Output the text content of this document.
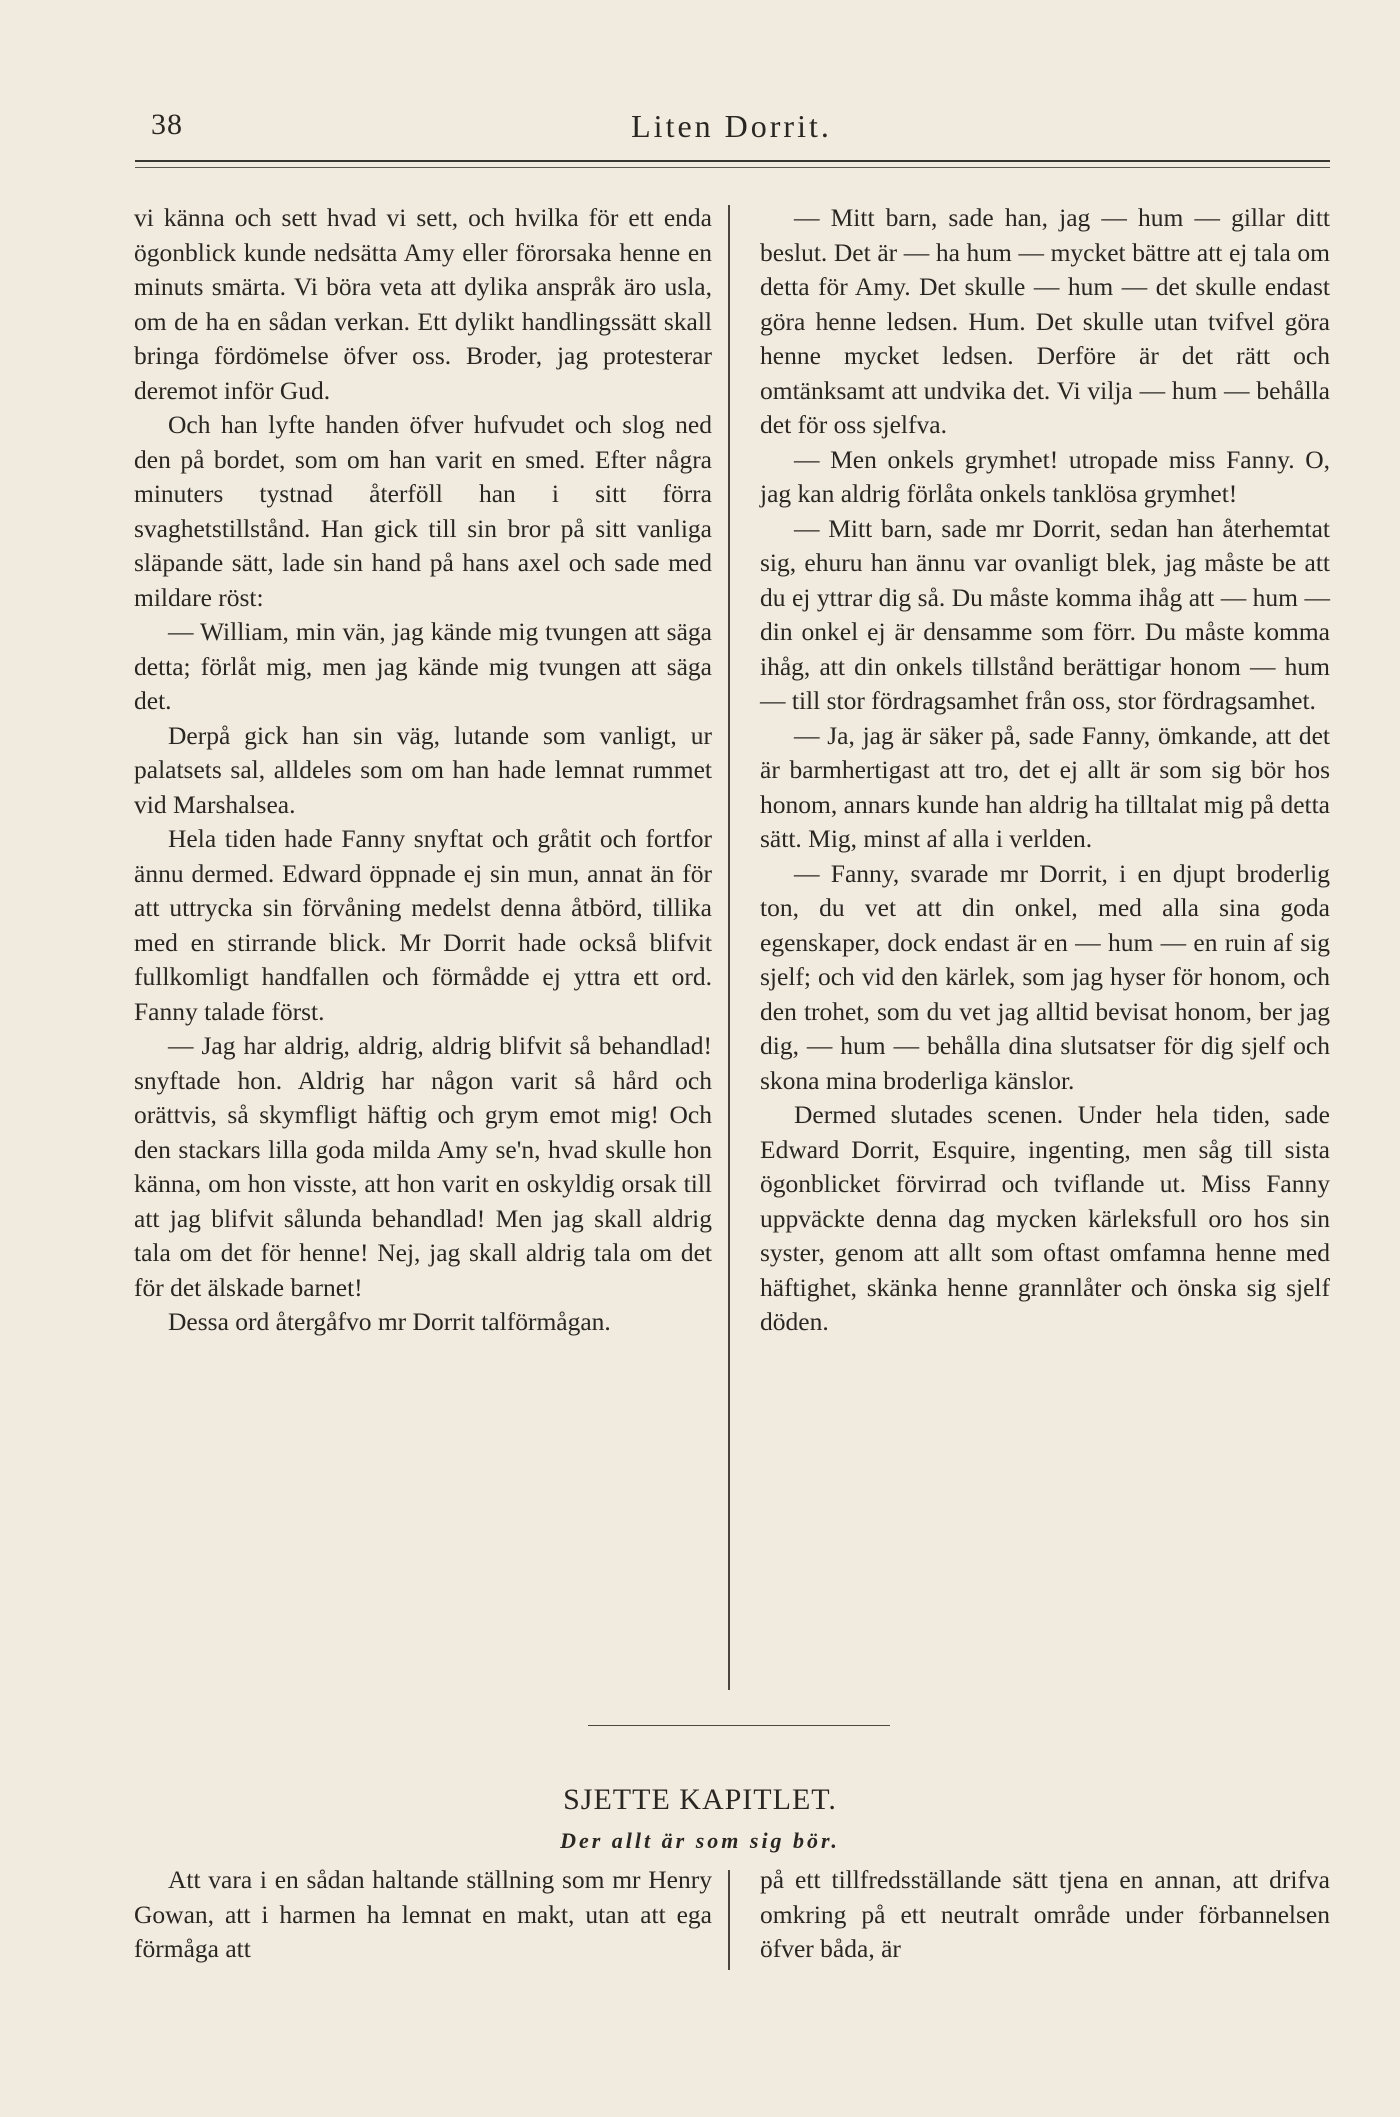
38	Liten Dorrit.

vi känna och sett hvad vi sett, och hvilka för ett enda ögonblick kunde nedsätta Amy eller förorsaka henne en minuts smärta. Vi böra veta att dylika anspråk äro usla, om de ha en sådan verkan. Ett dylikt handlingssätt skall bringa fördömelse öfver oss. Broder, jag protesterar deremot inför Gud.

Och han lyfte handen öfver hufvudet och slog ned den på bordet, som om han varit en smed. Efter några minuters tystnad återföll han i sitt förra svaghetstillstånd. Han gick till sin bror på sitt vanliga släpande sätt, lade sin hand på hans axel och sade med mildare röst:

— William, min vän, jag kände mig tvungen att säga detta; förlåt mig, men jag kände mig tvungen att säga det.

Derpå gick han sin väg, lutande som vanligt, ur palatsets sal, alldeles som om han hade lemnat rummet vid Marshalsea.

Hela tiden hade Fanny snyftat och gråtit och fortfor ännu dermed. Edward öppnade ej sin mun, annat än för att uttrycka sin förvåning medelst denna åtbörd, tillika med en stirrande blick. Mr Dorrit hade också blifvit fullkomligt handfallen och förmådde ej yttra ett ord. Fanny talade först.

— Jag har aldrig, aldrig, aldrig blifvit så behandlad! snyftade hon. Aldrig har någon varit så hård och orättvis, så skymfligt häftig och grym emot mig! Och den stackars lilla goda milda Amy se'n, hvad skulle hon känna, om hon visste, att hon varit en oskyldig orsak till att jag blifvit sålunda behandlad! Men jag skall aldrig tala om det för henne! Nej, jag skall aldrig tala om det för det älskade barnet!

Dessa ord återgåfvo mr Dorrit talförmågan.

— Mitt barn, sade han, jag — hum — gillar ditt beslut. Det är — ha hum — mycket bättre att ej tala om detta för Amy. Det skulle — hum — det skulle endast göra henne ledsen. Hum. Det skulle utan tvifvel göra henne mycket ledsen. Derföre är det rätt och omtänksamt att undvika det. Vi vilja — hum — behålla det för oss sjelfva.

— Men onkels grymhet! utropade miss Fanny. O, jag kan aldrig förlåta onkels tanklösa grymhet!

— Mitt barn, sade mr Dorrit, sedan han återhemtat sig, ehuru han ännu var ovanligt blek, jag måste be att du ej yttrar dig så. Du måste komma ihåg att — hum — din onkel ej är densamme som förr. Du måste komma ihåg, att din onkels tillstånd berättigar honom — hum — till stor fördragsamhet från oss, stor fördragsamhet.

— Ja, jag är säker på, sade Fanny, ömkande, att det är barmhertigast att tro, det ej allt är som sig bör hos honom, annars kunde han aldrig ha tilltalat mig på detta sätt. Mig, minst af alla i verlden.

— Fanny, svarade mr Dorrit, i en djupt broderlig ton, du vet att din onkel, med alla sina goda egenskaper, dock endast är en — hum — en ruin af sig sjelf; och vid den kärlek, som jag hyser för honom, och den trohet, som du vet jag alltid bevisat honom, ber jag dig, — hum — behålla dina slutsatser för dig sjelf och skona mina broderliga känslor.

Dermed slutades scenen. Under hela tiden, sade Edward Dorrit, Esquire, ingenting, men såg till sista ögonblicket förvirrad och tviflande ut. Miss Fanny uppväckte denna dag mycken kärleksfull oro hos sin syster, genom att allt som oftast omfamna henne med häftighet, skänka henne grannlåter och önska sig sjelf döden.

SJETTE KAPITLET.
Der allt är som sig bör.

Att vara i en sådan haltande ställning som mr Henry Gowan, att i harmen ha lemnat en makt, utan att ega förmåga att

på ett tillfredsställande sätt tjena en annan, att drifva omkring på ett neutralt område under förbannelsen öfver båda, är
